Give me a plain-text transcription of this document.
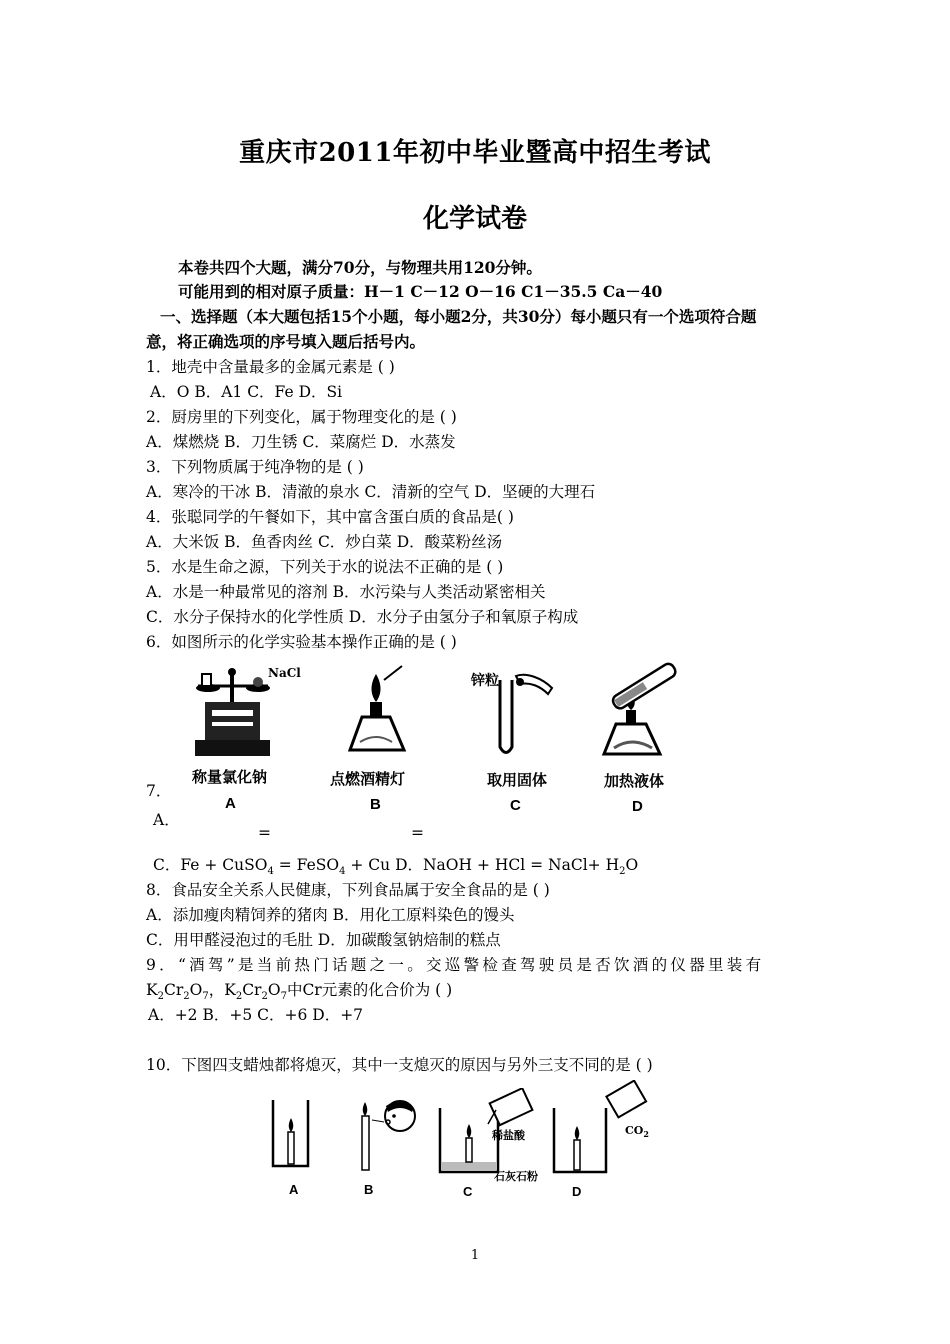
重庆市2011年初中毕业暨高中招生考试
化学试卷
本卷共四个大题，满分70分，与物理共用120分钟。
可能用到的相对原子质量：H－1 C－12 O－16 C1－35.5 Ca－40
一、选择题（本大题包括15个小题，每小题2分，共30分）每小题只有一个选项符合题
意，将正确选项的序号填入题后括号内。
1．地壳中含量最多的金属元素是 ( )
A．O B．A1 C．Fe D．Si
2．厨房里的下列变化，属于物理变化的是 ( )
A．煤燃烧 B．刀生锈 C．菜腐烂 D．水蒸发
3．下列物质属于纯净物的是 ( )
A．寒冷的干冰 B．清澈的泉水 C．清新的空气 D．坚硬的大理石
4．张聪同学的午餐如下，其中富含蛋白质的食品是( )
A．大米饭 B．鱼香肉丝 C．炒白菜 D．酸菜粉丝汤
5．水是生命之源，下列关于水的说法不正确的是 ( )
A．水是一种最常见的溶剂 B．水污染与人类活动紧密相关
C．水分子保持水的化学性质 D．水分子由氢分子和氧原子构成
6．如图所示的化学实验基本操作正确的是 ( )
NaCl	锌粒
称量氯化钠	点燃酒精灯	取用固体	加热液体
A	B	C	D
7．
A．
=	=
C．Fe + CuSO$_4$ = FeSO$_4$ + Cu D．NaOH + HCl = NaCl+ $H_2O$
8．食品安全关系人民健康，下列食品属于安全食品的是 ( )
A．添加瘦肉精饲养的猪肉 B．用化工原料染色的馒头
C．用甲醛浸泡过的毛肚 D．加碳酸氢钠焙制的糕点
9．“酒驾”是当前热门话题之一。交巡警检查驾驶员是否饮酒的仪器里装有
$K_2Cr_2O_7$，$K_2Cr_2O_7$中Cr元素的化合价为 ( )
A．+2 B．+5 C．+6 D．+7
10．下图四支蜡烛都将熄灭，其中一支熄灭的原因与另外三支不同的是 ( )
稀盐酸
石灰石粉
$CO_2$
A	B	C	D
1
